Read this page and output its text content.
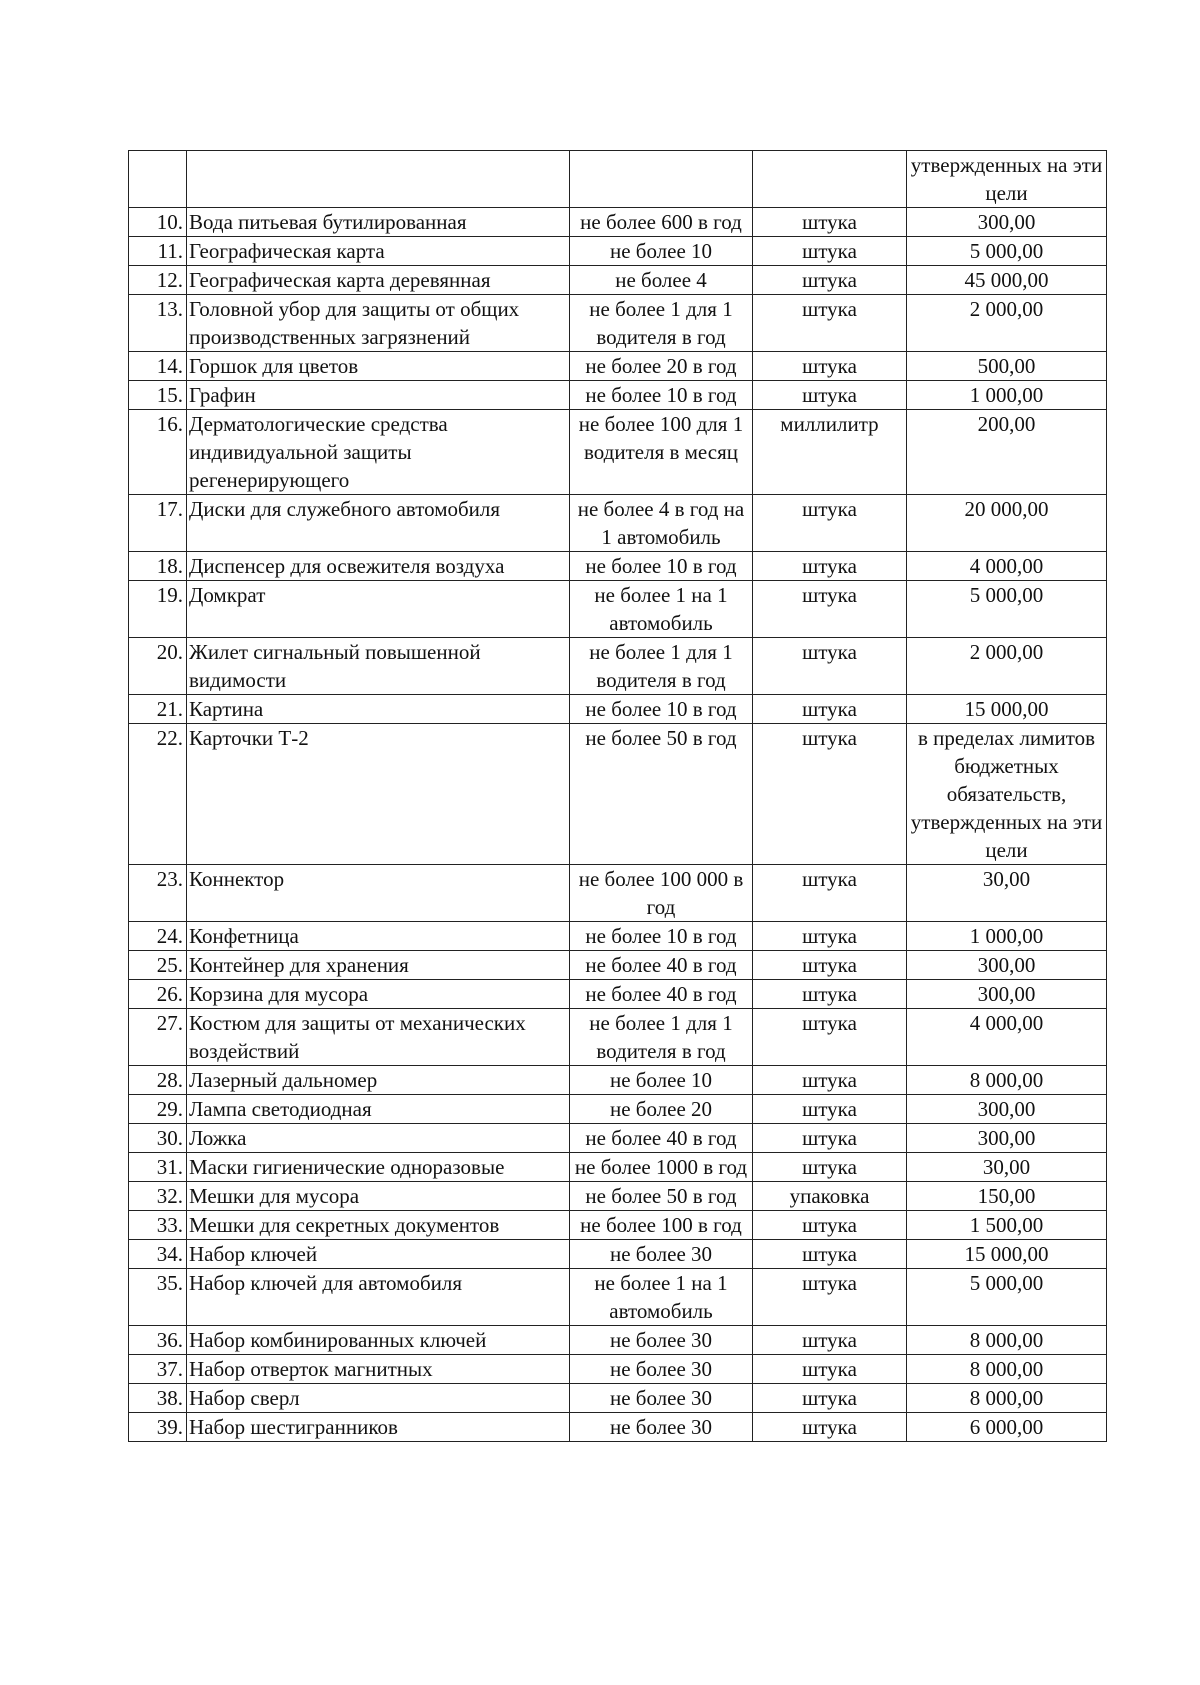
				утвержденных на эти цели
10.	Вода питьевая бутилированная	не более 600 в год	штука	300,00
11.	Географическая карта	не более 10	штука	5 000,00
12.	Географическая карта деревянная	не более 4	штука	45 000,00
13.	Головной убор для защиты от общих производственных загрязнений	не более 1 для 1 водителя в год	штука	2 000,00
14.	Горшок для цветов	не более 20 в год	штука	500,00
15.	Графин	не более 10 в год	штука	1 000,00
16.	Дерматологические средства индивидуальной защиты регенерирующего	не более 100 для 1 водителя в месяц	миллилитр	200,00
17.	Диски для служебного автомобиля	не более 4 в год на 1 автомобиль	штука	20 000,00
18.	Диспенсер для освежителя воздуха	не более 10 в год	штука	4 000,00
19.	Домкрат	не более 1 на 1 автомобиль	штука	5 000,00
20.	Жилет сигнальный повышенной видимости	не более 1 для 1 водителя в год	штука	2 000,00
21.	Картина	не более 10 в год	штука	15 000,00
22.	Карточки Т-2	не более 50 в год	штука	в пределах лимитов бюджетных обязательств, утвержденных на эти цели
23.	Коннектор	не более 100 000 в год	штука	30,00
24.	Конфетница	не более 10 в год	штука	1 000,00
25.	Контейнер для хранения	не более 40 в год	штука	300,00
26.	Корзина для мусора	не более 40 в год	штука	300,00
27.	Костюм для защиты от механических воздействий	не более 1 для 1 водителя в год	штука	4 000,00
28.	Лазерный дальномер	не более 10	штука	8 000,00
29.	Лампа светодиодная	не более 20	штука	300,00
30.	Ложка	не более 40 в год	штука	300,00
31.	Маски гигиенические одноразовые	не более 1000 в год	штука	30,00
32.	Мешки для мусора	не более 50 в год	упаковка	150,00
33.	Мешки для секретных документов	не более 100 в год	штука	1 500,00
34.	Набор ключей	не более 30	штука	15 000,00
35.	Набор ключей для автомобиля	не более 1 на 1 автомобиль	штука	5 000,00
36.	Набор комбинированных ключей	не более 30	штука	8 000,00
37.	Набор отверток магнитных	не более 30	штука	8 000,00
38.	Набор сверл	не более 30	штука	8 000,00
39.	Набор шестигранников	не более 30	штука	6 000,00
